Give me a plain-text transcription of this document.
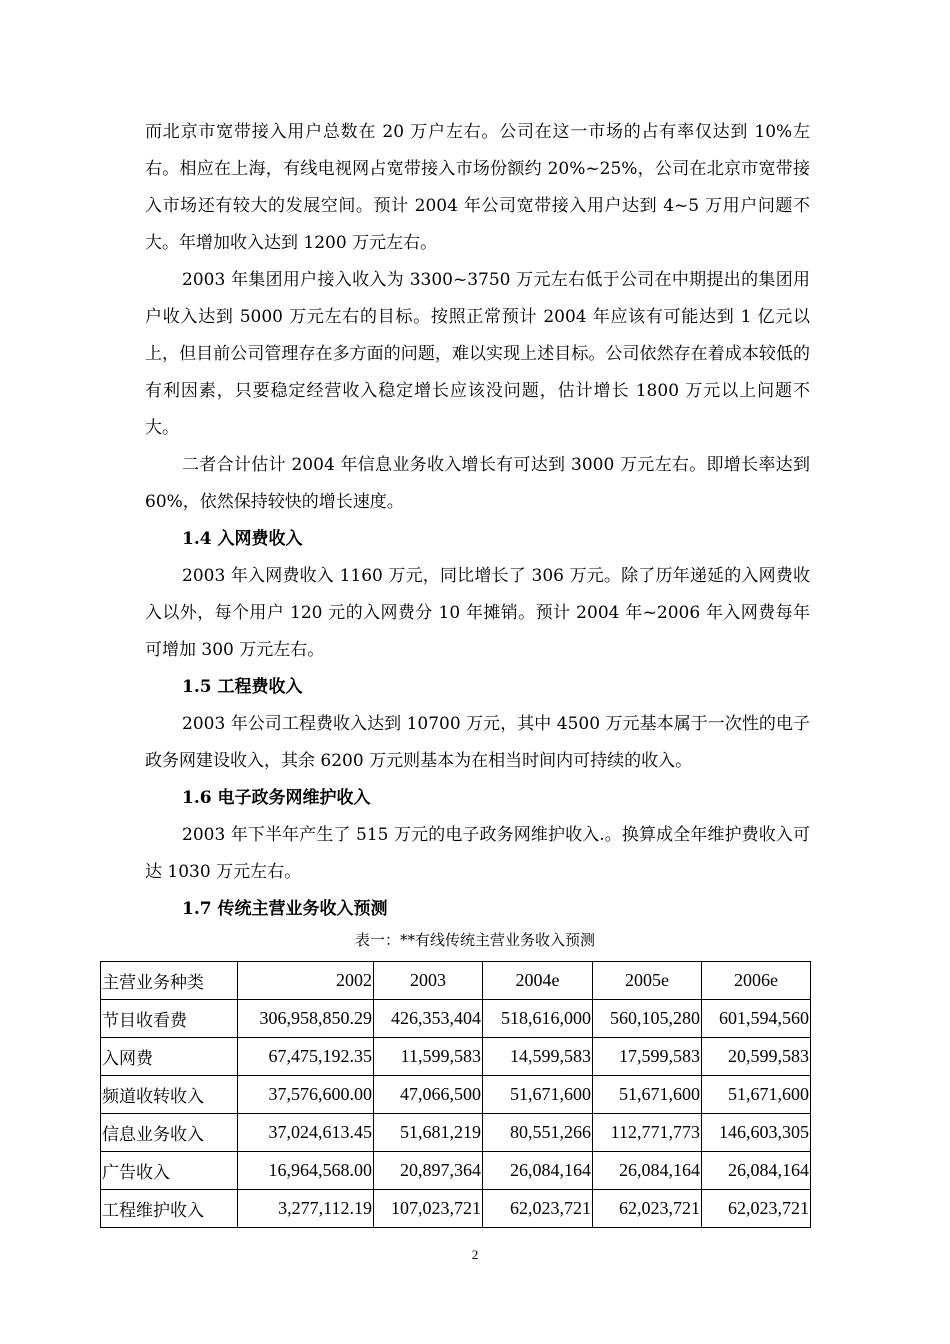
而北京市宽带接入用户总数在 20 万户左右。公司在这一市场的占有率仅达到 10%左右。相应在上海，有线电视网占宽带接入市场份额约 20%~25%，公司在北京市宽带接入市场还有较大的发展空间。预计 2004 年公司宽带接入用户达到 4~5 万用户问题不大。年增加收入达到 1200 万元左右。

2003 年集团用户接入收入为 3300~3750 万元左右低于公司在中期提出的集团用户收入达到 5000 万元左右的目标。按照正常预计 2004 年应该有可能达到 1 亿元以上，但目前公司管理存在多方面的问题，难以实现上述目标。公司依然存在着成本较低的有利因素，只要稳定经营收入稳定增长应该没问题，估计增长 1800 万元以上问题不大。

二者合计估计 2004 年信息业务收入增长有可达到 3000 万元左右。即增长率达到 60%，依然保持较快的增长速度。

1.4 入网费收入

2003 年入网费收入 1160 万元，同比增长了 306 万元。除了历年递延的入网费收入以外，每个用户 120 元的入网费分 10 年摊销。预计 2004 年~2006 年入网费每年可增加 300 万元左右。

1.5 工程费收入

2003 年公司工程费收入达到 10700 万元，其中 4500 万元基本属于一次性的电子政务网建设收入，其余 6200 万元则基本为在相当时间内可持续的收入。

1.6 电子政务网维护收入

2003 年下半年产生了 515 万元的电子政务网维护收入.。换算成全年维护费收入可达 1030 万元左右。

1.7 传统主营业务收入预测

表一：**有线传统主营业务收入预测
主营业务种类	2002	2003	2004e	2005e	2006e
节目收看费	306,958,850.29	426,353,404	518,616,000	560,105,280	601,594,560
入网费	67,475,192.35	11,599,583	14,599,583	17,599,583	20,599,583
频道收转收入	37,576,600.00	47,066,500	51,671,600	51,671,600	51,671,600
信息业务收入	37,024,613.45	51,681,219	80,551,266	112,771,773	146,603,305
广告收入	16,964,568.00	20,897,364	26,084,164	26,084,164	26,084,164
工程维护收入	3,277,112.19	107,023,721	62,023,721	62,023,721	62,023,721
2
